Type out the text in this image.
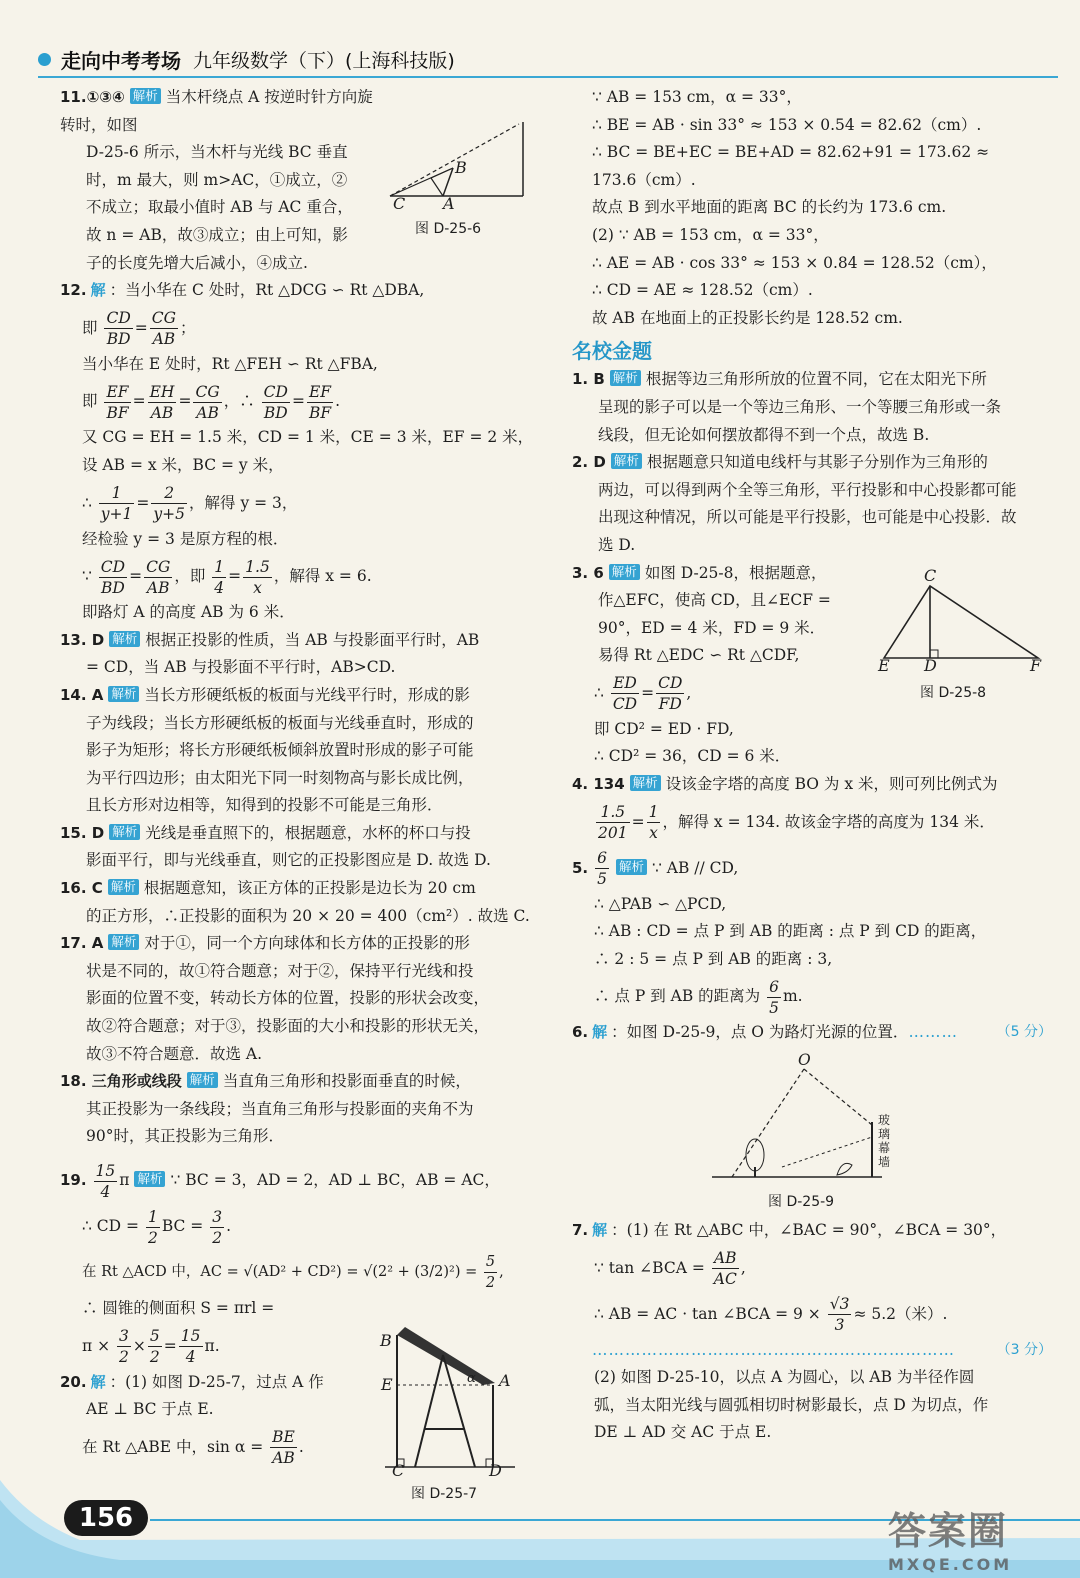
走向中考考场 九年级数学（下）(上海科技版)
11.①③④ 解析 当木杆绕点 A 按逆时针方向旋转时，如图
D-25-6 所示，当木杆与光线 BC 垂直
时，m 最大，则 m>AC，①成立，②
不成立；取最小值时 AB 与 AC 重合，
故 n = AB，故③成立；由上可知，影
子的长度先增大后减小，④成立.
12. 解 ：当小华在 C 处时，Rt △DCG ∽ Rt △DBA,
即 $\frac{CD}{BD} = \frac{CG}{AB}$ ；
当小华在 E 处时，Rt △FEH ∽ Rt △FBA,
即 $\frac{EF}{BF} = \frac{EH}{AB} = \frac{CG}{AB}$ ，∴ $\frac{CD}{BD} = \frac{EF}{BF}$ .
又 CG = EH = 1.5 米，CD = 1 米，CE = 3 米，EF = 2 米，
设 AB = x 米，BC = y 米，
∴ $\frac{1}{y+1} = \frac{2}{y+5}$ ，解得 y = 3，
经检验 y = 3 是原方程的根．
∵ $\frac{CD}{BD} = \frac{CG}{AB}$ ，即 $\frac{1}{4} = \frac{1.5}{x}$ ，解得 x = 6.
即路灯 A 的高度 AB 为 6 米．
13. D 解析 根据正投影的性质，当 AB 与投影面平行时，AB
= CD，当 AB 与投影面不平行时，AB>CD.
14. A 解析 当长方形硬纸板的板面与光线平行时，形成的影
子为线段；当长方形硬纸板的板面与光线垂直时，形成的
影子为矩形；将长方形硬纸板倾斜放置时形成的影子可能
为平行四边形；由太阳光下同一时刻物高与影长成比例，
且长方形对边相等，知得到的投影不可能是三角形．
15. D 解析 光线是垂直照下的，根据题意，水杯的杯口与投
影面平行，即与光线垂直，则它的正投影图应是 D. 故选 D.
16. C 解析 根据题意知，该正方体的正投影是边长为 20 cm
的正方形，∴正投影的面积为 20 × 20 = 400（cm²）. 故选 C.
17. A 解析 对于①，同一个方向球体和长方体的正投影的形
状是不同的，故①符合题意；对于②，保持平行光线和投
影面的位置不变，转动长方体的位置，投影的形状会改变，
故②符合题意；对于③，投影面的大小和投影的形状无关，
故③不符合题意．故选 A.
18. 三角形或线段 解析 当直角三角形和投影面垂直的时候，
其正投影为一条线段；当直角三角形与投影面的夹角不为
90°时，其正投影为三角形．
19. $\frac{15}{4}$ π 解析 ∵ BC = 3，AD = 2，AD ⊥ BC，AB = AC，
∴ CD = $\frac{1}{2}$ BC = $\frac{3}{2}$ .
在 Rt △ACD 中，AC = $√(AD^2 + CD^2) = √(2^2 + (3/2)^2) = \frac{5}{2}$ ,
∴ 圆锥的侧面积 S = πrl =
$\pi \times \frac{3}{2} \times \frac{5}{2} = \frac{15}{4} \pi$.
20. 解 ：(1) 如图 D-25-7，过点 A 作
AE ⊥ BC 于点 E.
在 Rt △ABE 中，$\sin \alpha = \frac{BE}{AB}$ .
B
C A
图 D-25-6
B
E	α A
C	D
图 D-25-7
∵ AB = 153 cm，α = 33°，
∴ BE = AB · sin 33° ≈ 153 × 0.54 = 82.62（cm）.
∴ BC = BE+EC = BE+AD = 82.62+91 = 173.62 ≈
173.6（cm）.
故点 B 到水平地面的距离 BC 的长约为 173.6 cm.
(2) ∵ AB = 153 cm，α = 33°，
∴ AE = AB · cos 33° ≈ 153 × 0.84 = 128.52（cm），
∴ CD = AE ≈ 128.52（cm）.
故 AB 在地面上的正投影长约是 128.52 cm.
名校金题
1. B 解析 根据等边三角形所放的位置不同，它在太阳光下所
呈现的影子可以是一个等边三角形、一个等腰三角形或一条
线段，但无论如何摆放都得不到一个点，故选 B.
2. D 解析 根据题意只知道电线杆与其影子分别作为三角形的
两边，可以得到两个全等三角形，平行投影和中心投影都可能
出现这种情况，所以可能是平行投影，也可能是中心投影．故
选 D.
3. 6 解析 如图 D-25-8，根据题意，
作△EFC，使高 CD，且∠ECF =
90°，ED = 4 米，FD = 9 米．
易得 Rt △EDC ∽ Rt △CDF,
∴ $\frac{ED}{CD} = \frac{CD}{FD}$ ,
即 CD² = ED · FD,
∴ CD² = 36，CD = 6 米．
4. 134 解析 设该金字塔的高度 BO 为 x 米，则可列比例式为
$\frac{1.5}{201} = \frac{1}{x}$ ，解得 x = 134. 故该金字塔的高度为 134 米．
5. $\frac{6}{5}$ 解析 ∵ AB // CD,
∴ △PAB ∽ △PCD,
∴ AB : CD = 点 P 到 AB 的距离 : 点 P 到 CD 的距离，
∴ 2 : 5 = 点 P 到 AB 的距离 : 3,
∴ 点 P 到 AB 的距离为 $\frac{6}{5} m$.
6. 解 ：如图 D-25-9，点 O 为路灯光源的位置．………	（5 分）
O
玻
璃
幕
墙
图 D-25-9
7. 解 ：(1) 在 Rt △ABC 中，∠BAC = 90°，∠BCA = 30°，
∵ tan ∠BCA = $\frac{AB}{AC}$ ,
∴ AB = AC · tan ∠BCA = $9 \times \frac{√3}{3} \approx 5.2$（米）.
…………………………………………………………	（3 分）
(2) 如图 D-25-10，以点 A 为圆心，以 AB 为半径作圆
弧，当太阳光线与圆弧相切时树影最长，点 D 为切点，作
DE ⊥ AD 交 AC 于点 E.
C
E D	F
图 D-25-8
156	答案圈
MXQE.COM
